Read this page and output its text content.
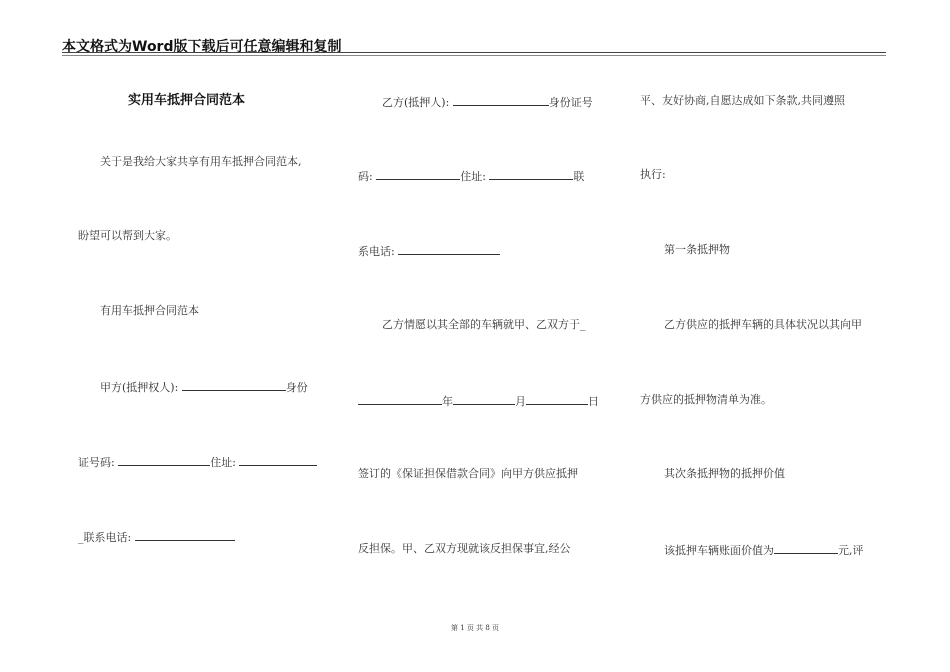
本文格式为Word版下载后可任意编辑和复制
实用车抵押合同范本
关于是我给大家共享有用车抵押合同范本,
盼望可以帮到大家。
有用车抵押合同范本
甲方(抵押权人):	身份
证号码:	住址:
_联系电话:
乙方(抵押人):	身份证号
码:	住址:	联
系电话:
乙方情愿以其全部的车辆就甲、乙双方于_
年	月	日
签订的《保证担保借款合同》向甲方供应抵押
反担保。甲、乙双方现就该反担保事宜,经公
平、友好协商,自愿达成如下条款,共同遵照
执行:
第一条抵押物
乙方供应的抵押车辆的具体状况以其向甲
方供应的抵押物清单为准。
其次条抵押物的抵押价值
该抵押车辆账面价值为	元,评
第 1 页 共 8 页
